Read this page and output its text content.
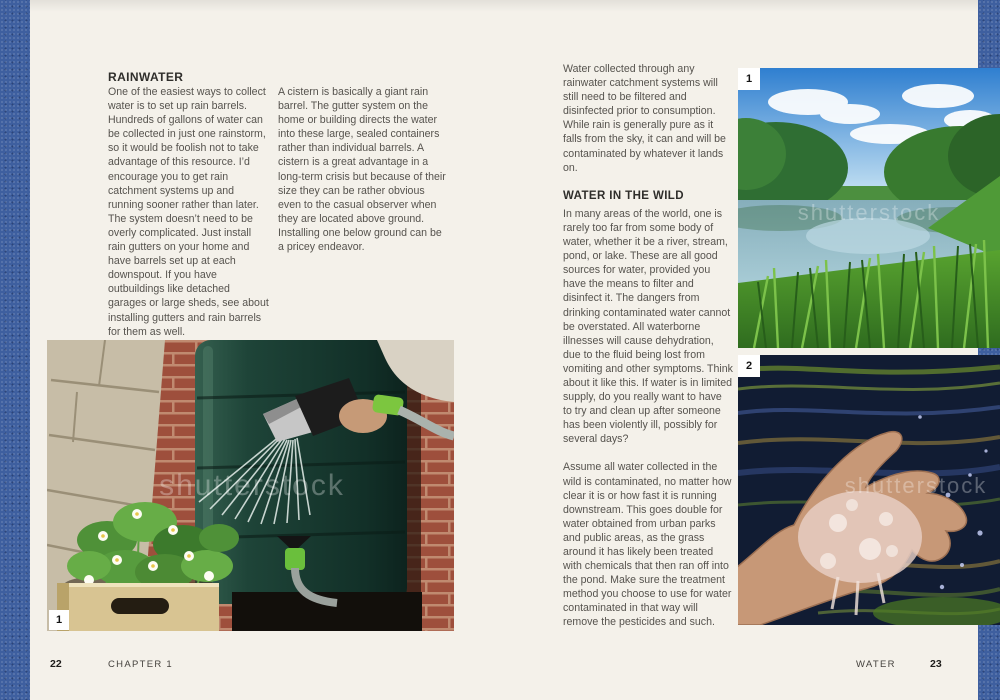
RAINWATER

One of the easiest ways to collect water is to set up rain barrels. Hundreds of gallons of water can be collected in just one rainstorm, so it would be foolish not to take advantage of this resource. I’d encourage you to get rain catchment systems up and running sooner rather than later. The system doesn’t need to be overly complicated. Just install rain gutters on your home and have barrels set up at each downspout. If you have outbuildings like detached garages or large sheds, see about installing gutters and rain barrels for them as well.

A cistern is basically a giant rain barrel. The gutter system on the home or building directs the water into these large, sealed containers rather than individual barrels. A cistern is a great advantage in a long-term crisis but because of their size they can be rather obvious even to the casual observer when they are located above ground. Installing one below ground can be a pricey endeavor.

shutterstock
1

Water collected through any rainwater catchment systems will still need to be filtered and disinfected prior to consumption. While rain is generally pure as it falls from the sky, it can and will be contaminated by whatever it lands on.

WATER IN THE WILD

In many areas of the world, one is rarely too far from some body of water, whether it be a river, stream, pond, or lake. These are all good sources for water, provided you have the means to filter and disinfect it. The dangers from drinking contaminated water cannot be overstated. All waterborne illnesses will cause dehydration, due to the fluid being lost from vomiting and other symptoms. Think about it like this. If water is in limited supply, do you really want to have to try and clean up after someone has been violently ill, possibly for several days?

Assume all water collected in the wild is contaminated, no matter how clear it is or how fast it is running downstream. This goes double for water obtained from urban parks and public areas, as the grass around it has likely been treated with chemicals that then ran off into the pond. Make sure the treatment method you choose to use for water contaminated in that way will remove the pesticides and such.

shutterstock
1
shutterstock
2
22	CHAPTER 1	WATER	23
